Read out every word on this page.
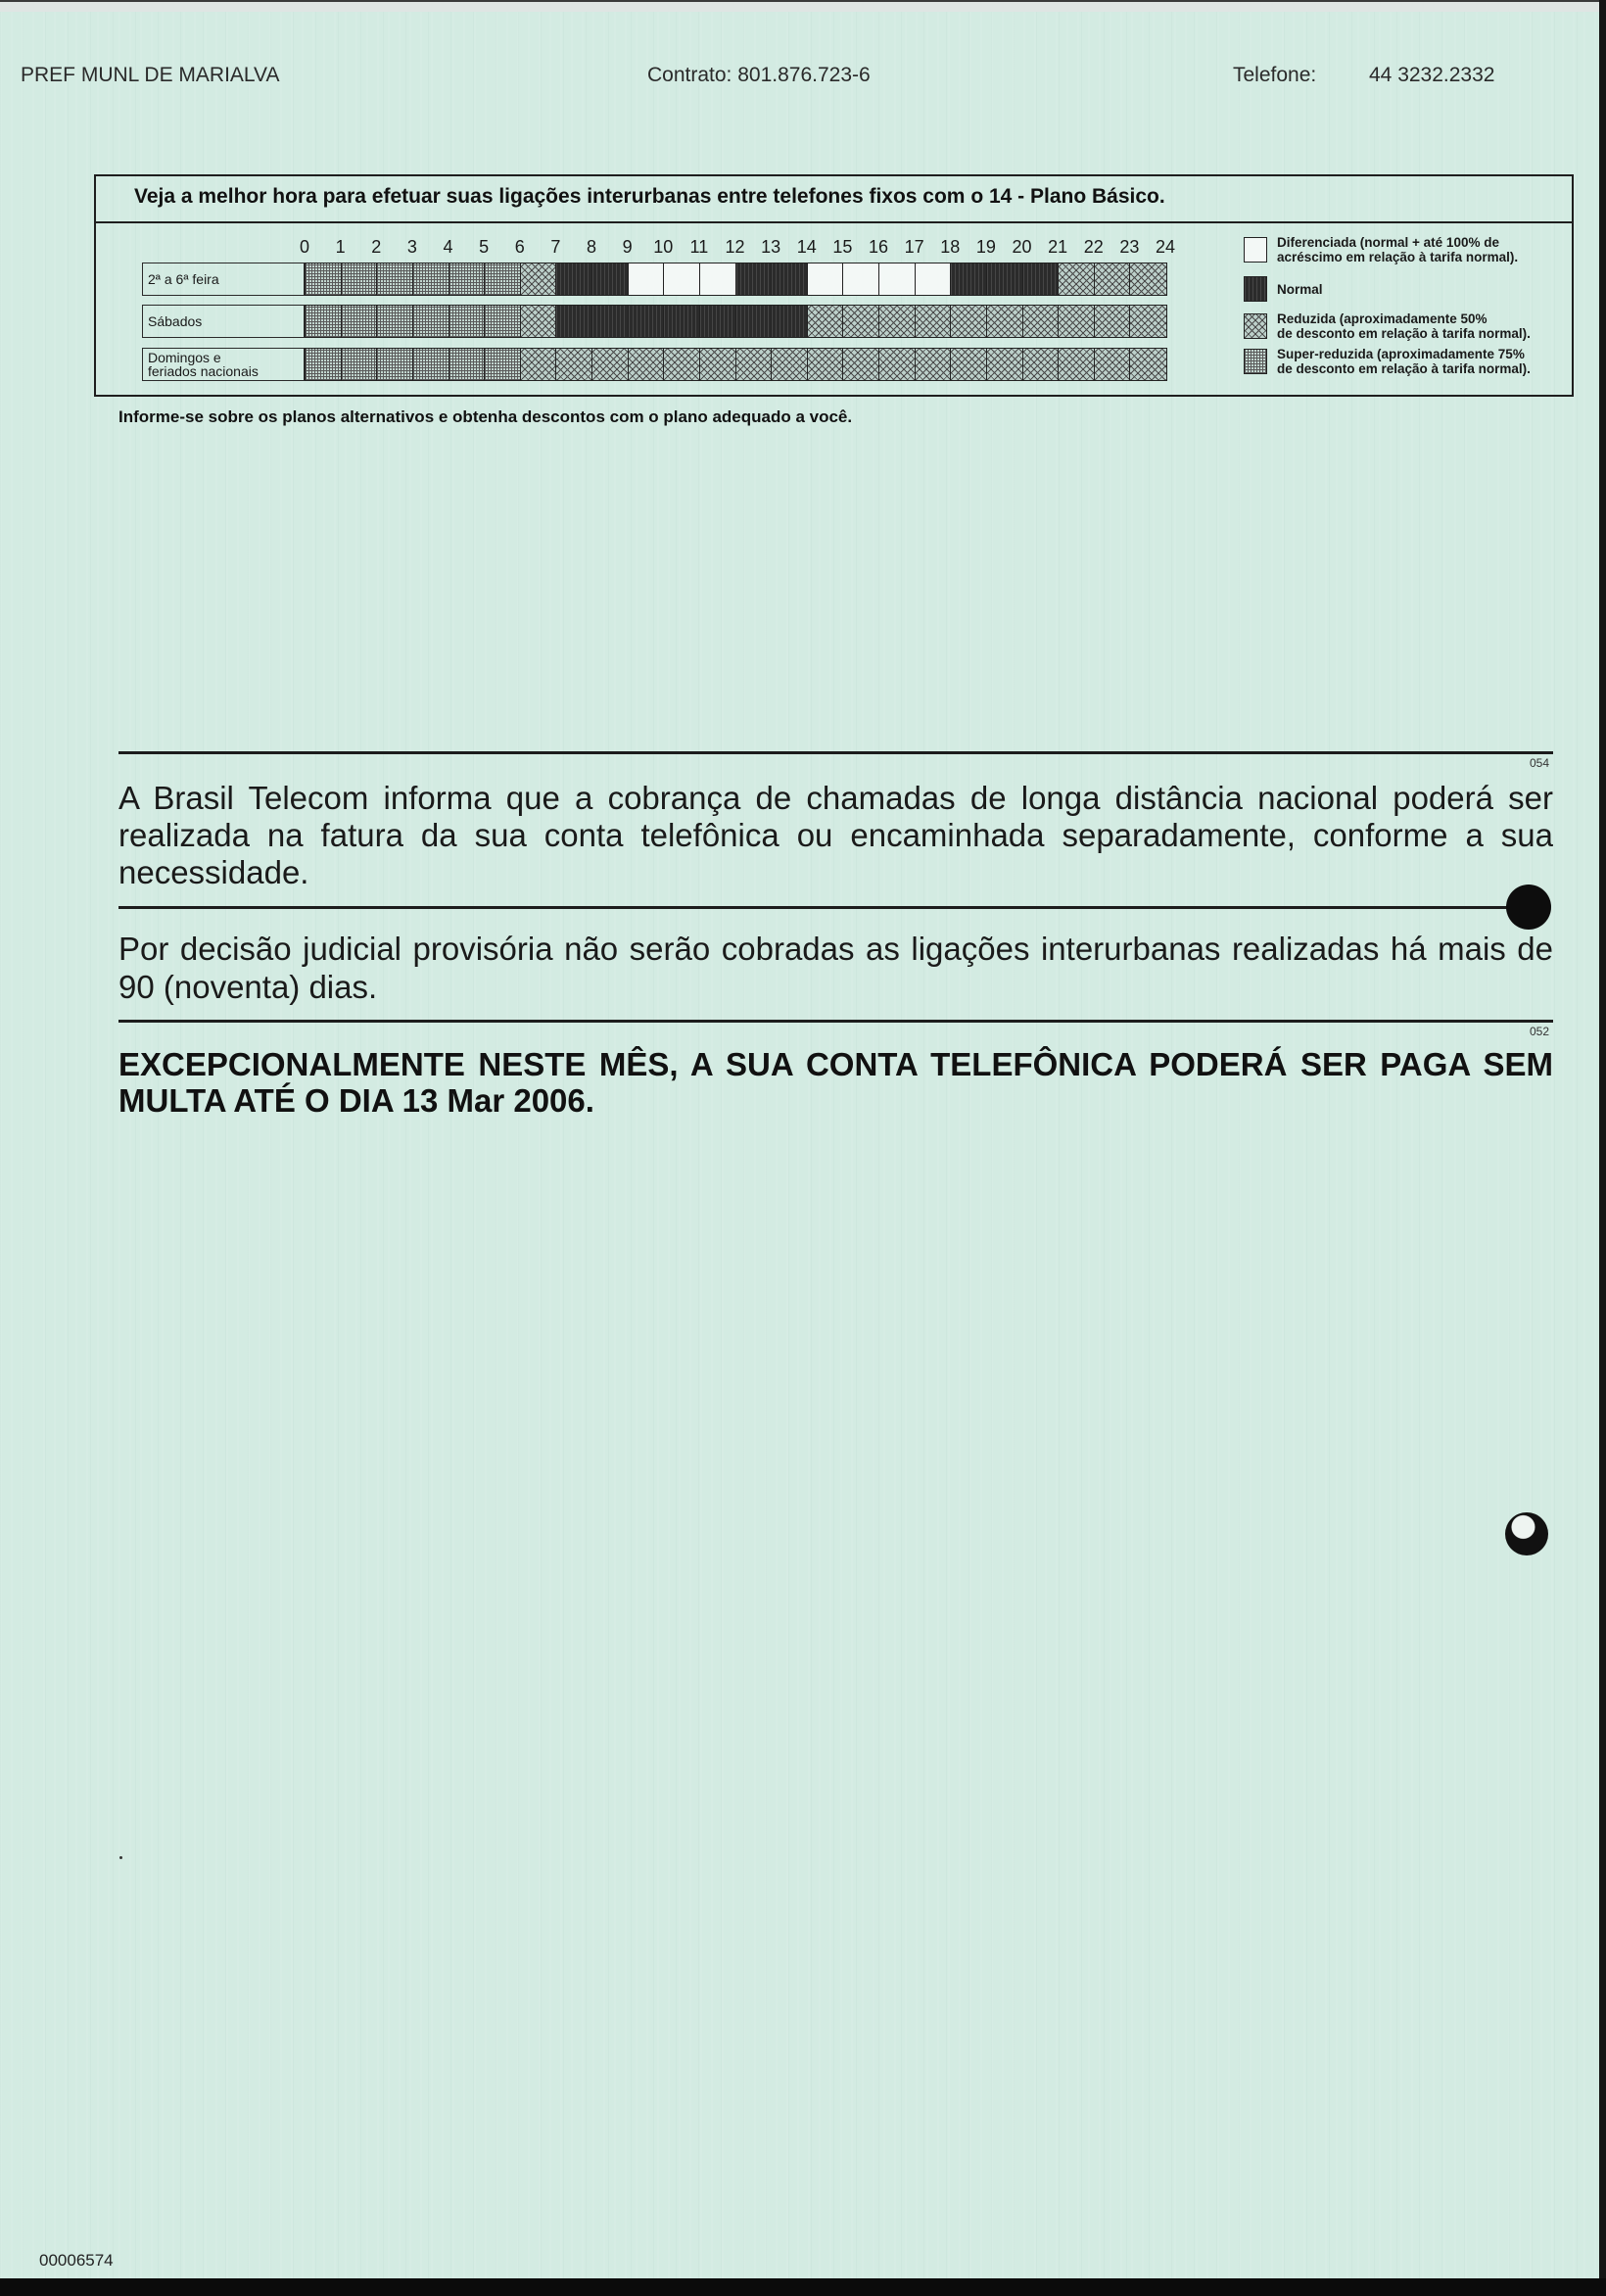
PREF MUNL DE MARIALVA	Contrato: 801.876.723-6	Telefone:	44 3232.2332
Veja a melhor hora para efetuar suas ligações interurbanas entre telefones fixos com o 14 - Plano Básico.
0 1 2 3 4 5 6 7 8 9 10 11 12 13 14 15 16 17 18 19 20 21 22 23 24
2ª a 6ª feira
Sábados
Domingos e
feriados nacionais
Diferenciada (normal + até 100% de
acréscimo em relação à tarifa normal).
Normal
Reduzida (aproximadamente 50%
de desconto em relação à tarifa normal).
Super-reduzida (aproximadamente 75%
de desconto em relação à tarifa normal).
Informe-se sobre os planos alternativos e obtenha descontos com o plano adequado a você.
054
A Brasil Telecom informa que a cobrança de chamadas de longa distância nacional poderá ser
realizada na fatura da sua conta telefônica ou encaminhada separadamente, conforme a sua
necessidade.
Por decisão judicial provisória não serão cobradas as ligações interurbanas realizadas há mais de
90 (noventa) dias.
052
EXCEPCIONALMENTE NESTE MÊS, A SUA CONTA TELEFÔNICA PODERÁ SER PAGA SEM
MULTA ATÉ O DIA 13 Mar 2006.
00006574
